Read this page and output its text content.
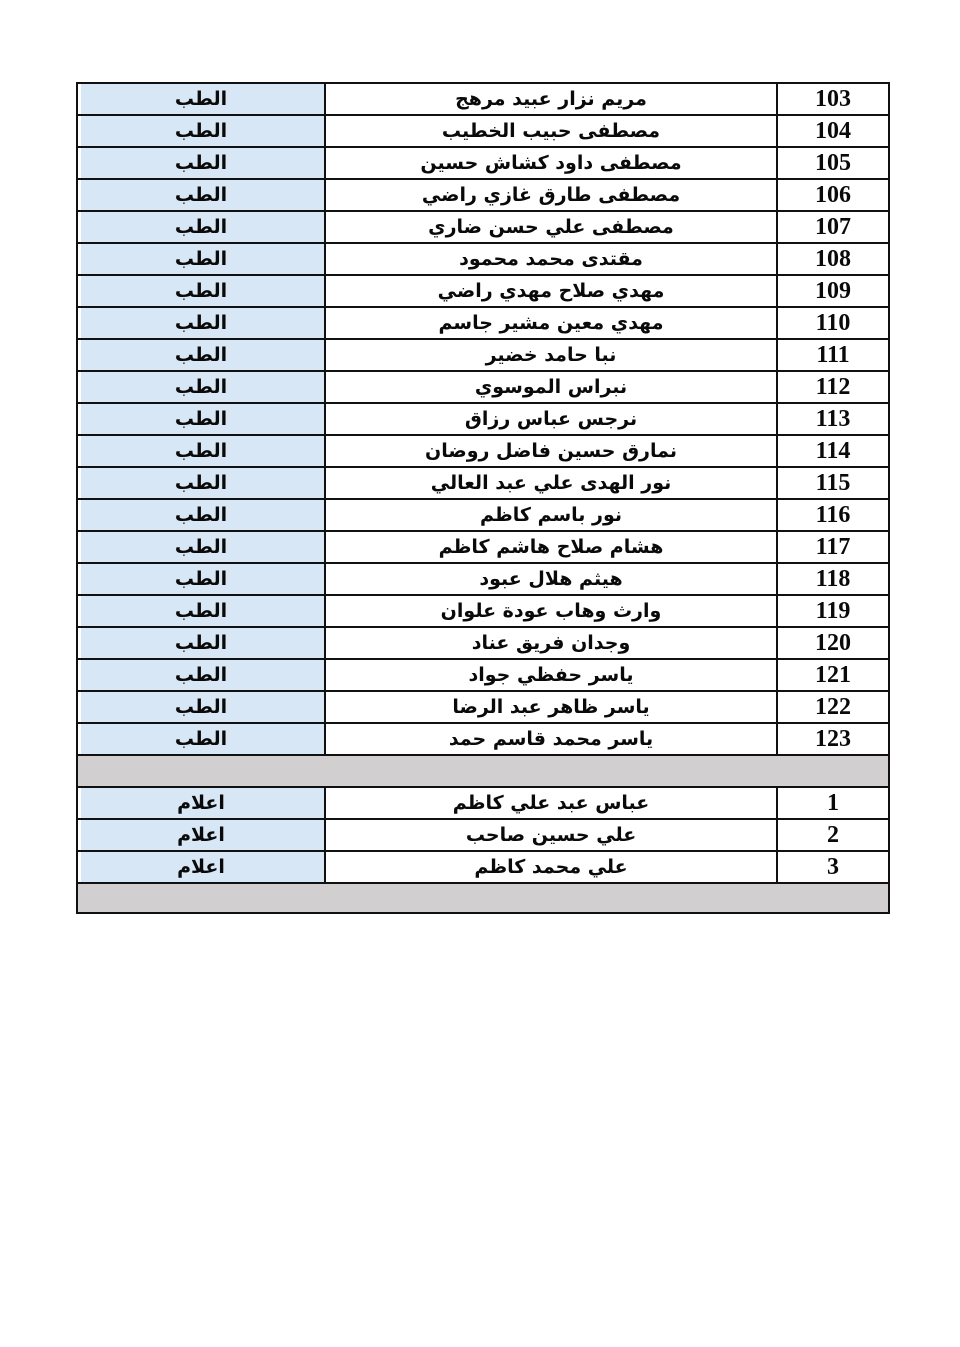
103	مريم نزار عبيد مرهج	الطب
104	مصطفى حبيب الخطيب	الطب
105	مصطفى داود كشاش حسين	الطب
106	مصطفى طارق غازي راضي	الطب
107	مصطفى علي حسن ضاري	الطب
108	مقتدى محمد محمود	الطب
109	مهدي صلاح مهدي راضي	الطب
110	مهدي معين مشير جاسم	الطب
111	نبا حامد خضير	الطب
112	نبراس الموسوي	الطب
113	نرجس عباس رزاق	الطب
114	نمارق حسين فاضل روضان	الطب
115	نور الهدى علي عبد العالي	الطب
116	نور باسم كاظم	الطب
117	هشام صلاح هاشم كاظم	الطب
118	هيثم هلال عبود	الطب
119	وارث وهاب عودة علوان	الطب
120	وجدان فريق عناد	الطب
121	ياسر حفظي جواد	الطب
122	ياسر ظاهر عبد الرضا	الطب
123	ياسر محمد قاسم حمد	الطب

1	عباس عبد علي كاظم	اعلام
2	علي حسين صاحب	اعلام
3	علي محمد كاظم	اعلام
